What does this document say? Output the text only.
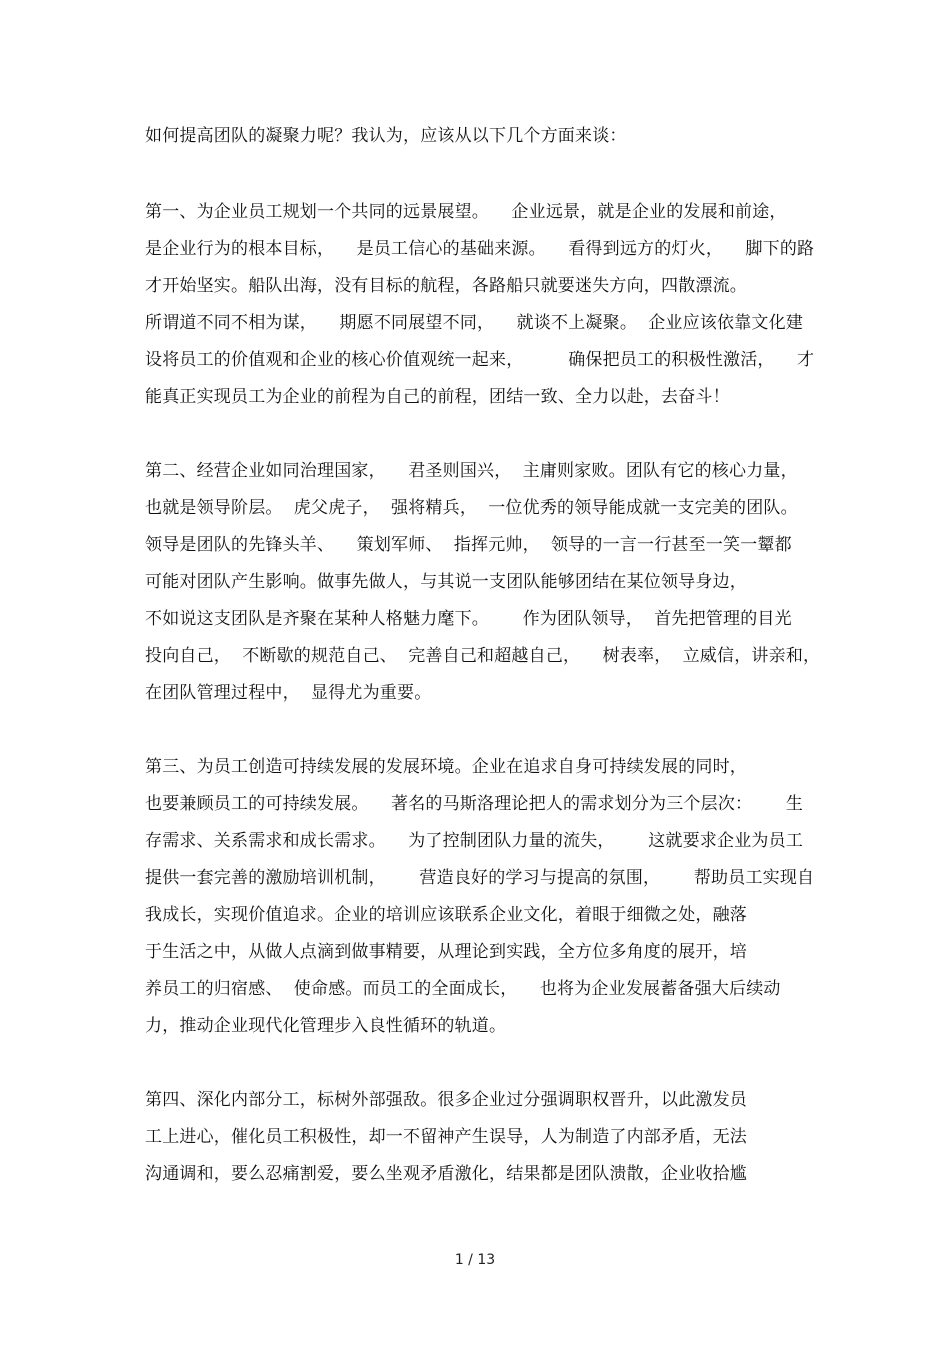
如何提高团队的凝聚力呢？我认为，应该从以下几个方面来谈：
第一、为企业员工规划一个共同的远景展望。    企业远景，就是企业的发展和前途，
是企业行为的根本目标，    是员工信心的基础来源。    看得到远方的灯火，    脚下的路
才开始坚实。船队出海，没有目标的航程，各路船只就要迷失方向，四散漂流。
所谓道不同不相为谋，    期愿不同展望不同，    就谈不上凝聚。  企业应该依靠文化建
设将员工的价值观和企业的核心价值观统一起来，        确保把员工的积极性激活，    才
能真正实现员工为企业的前程为自己的前程，团结一致、全力以赴，去奋斗！
第二、经营企业如同治理国家，    君圣则国兴，  主庸则家败。团队有它的核心力量，
也就是领导阶层。  虎父虎子，  强将精兵，  一位优秀的领导能成就一支完美的团队。
领导是团队的先锋头羊、    策划军师、  指挥元帅，  领导的一言一行甚至一笑一颦都
可能对团队产生影响。做事先做人，与其说一支团队能够团结在某位领导身边，
不如说这支团队是齐聚在某种人格魅力麾下。      作为团队领导，  首先把管理的目光
投向自己，  不断歇的规范自己、  完善自己和超越自己，    树表率，  立威信，讲亲和，
在团队管理过程中，  显得尤为重要。
第三、为员工创造可持续发展的发展环境。企业在追求自身可持续发展的同时，
也要兼顾员工的可持续发展。    著名的马斯洛理论把人的需求划分为三个层次：      生
存需求、关系需求和成长需求。    为了控制团队力量的流失，      这就要求企业为员工
提供一套完善的激励培训机制，      营造良好的学习与提高的氛围，      帮助员工实现自
我成长，实现价值追求。企业的培训应该联系企业文化，着眼于细微之处，融落
于生活之中，从做人点滴到做事精要，从理论到实践，全方位多角度的展开，培
养员工的归宿感、  使命感。而员工的全面成长，    也将为企业发展蓄备强大后续动
力，推动企业现代化管理步入良性循环的轨道。
第四、深化内部分工，标树外部强敌。很多企业过分强调职权晋升，以此激发员
工上进心，催化员工积极性，却一不留神产生误导，人为制造了内部矛盾，无法
沟通调和，要么忍痛割爱，要么坐观矛盾激化，结果都是团队溃散，企业收拾尴
1 / 13
